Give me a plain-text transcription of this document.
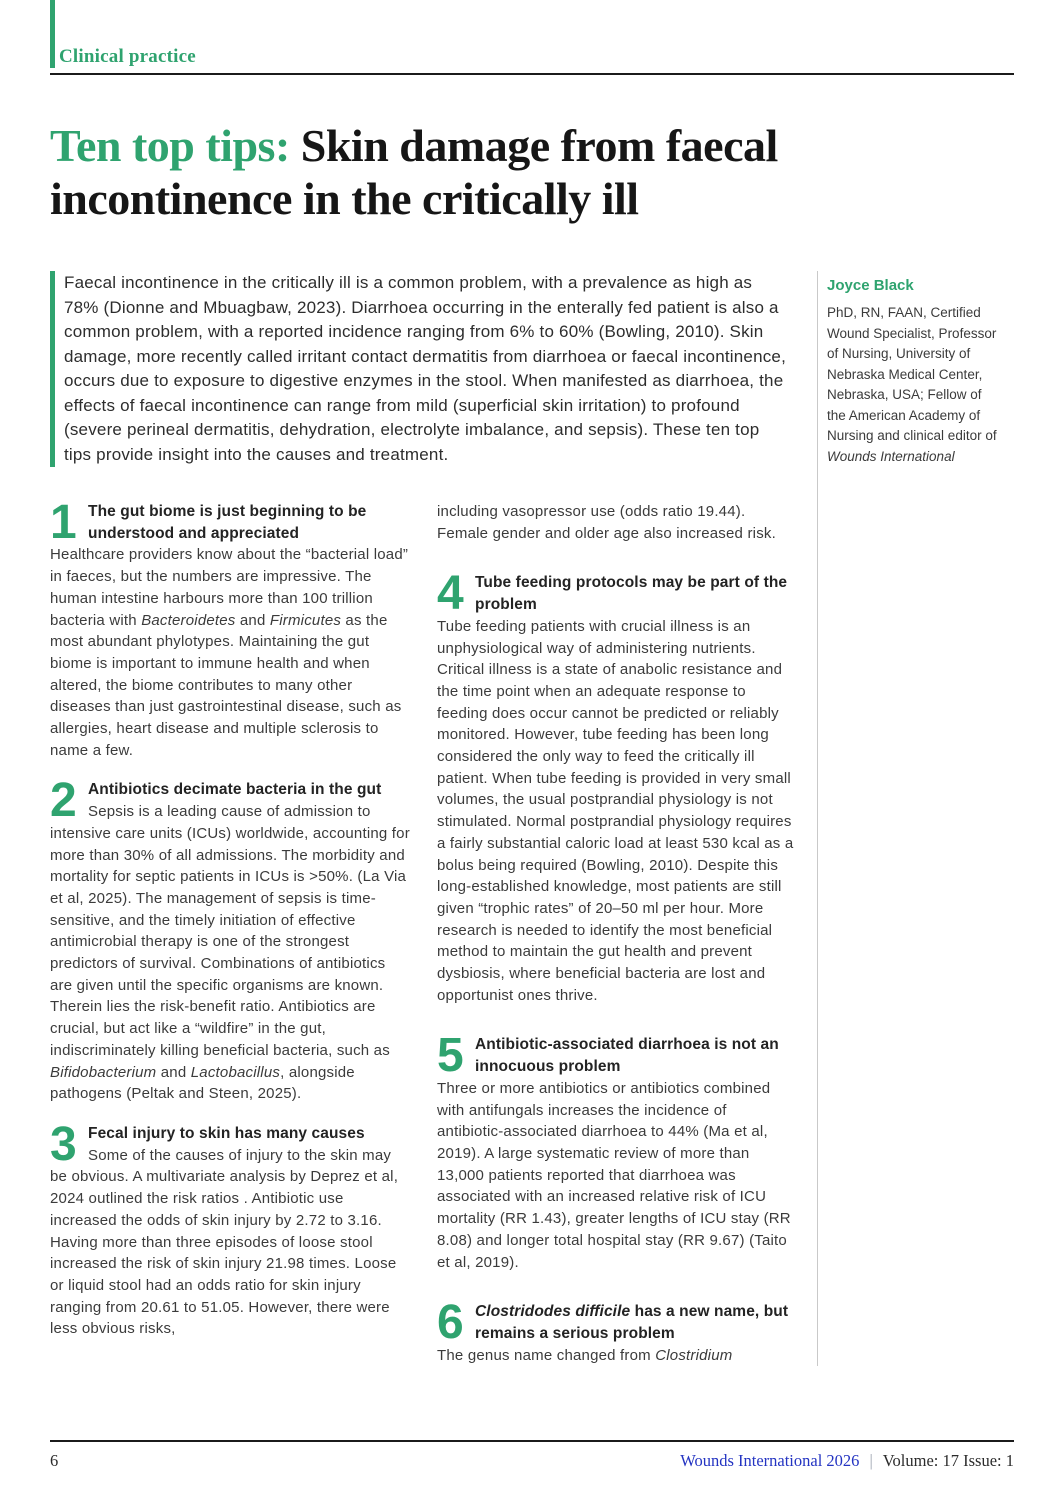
Clinical practice
Ten top tips: Skin damage from faecal incontinence in the critically ill

Faecal incontinence in the critically ill is a common problem, with a prevalence as high as 78% (Dionne and Mbuagbaw, 2023). Diarrhoea occurring in the enterally fed patient is also a common problem, with a reported incidence ranging from 6% to 60% (Bowling, 2010). Skin damage, more recently called irritant contact dermatitis from diarrhoea or faecal incontinence, occurs due to exposure to digestive enzymes in the stool. When manifested as diarrhoea, the effects of faecal incontinence can range from mild (superficial skin irritation) to profound (severe perineal dermatitis, dehydration, electrolyte imbalance, and sepsis). These ten top tips provide insight into the causes and treatment.

1 The gut biome is just beginning to be understood and appreciated

Healthcare providers know about the “bacterial load” in faeces, but the numbers are impressive. The human intestine harbours more than 100 trillion bacteria with Bacteroidetes and Firmicutes as the most abundant phylotypes. Maintaining the gut biome is important to immune health and when altered, the biome contributes to many other diseases than just gastrointestinal disease, such as allergies, heart disease and multiple sclerosis to name a few.

2 Antibiotics decimate bacteria in the gut

Sepsis is a leading cause of admission to intensive care units (ICUs) worldwide, accounting for more than 30% of all admissions. The morbidity and mortality for septic patients in ICUs is >50%. (La Via et al, 2025). The management of sepsis is time-sensitive, and the timely initiation of effective antimicrobial therapy is one of the strongest predictors of survival. Combinations of antibiotics are given until the specific organisms are known. Therein lies the risk-benefit ratio. Antibiotics are crucial, but act like a “wildfire” in the gut, indiscriminately killing beneficial bacteria, such as Bifidobacterium and Lactobacillus, alongside pathogens (Peltak and Steen, 2025).

3 Fecal injury to skin has many causes

Some of the causes of injury to the skin may be obvious. A multivariate analysis by Deprez et al, 2024 outlined the risk ratios . Antibiotic use increased the odds of skin injury by 2.72 to 3.16. Having more than three episodes of loose stool increased the risk of skin injury 21.98 times. Loose or liquid stool had an odds ratio for skin injury ranging from 20.61 to 51.05. However, there were less obvious risks,

including vasopressor use (odds ratio 19.44). Female gender and older age also increased risk.

4 Tube feeding protocols may be part of the problem

Tube feeding patients with crucial illness is an unphysiological way of administering nutrients. Critical illness is a state of anabolic resistance and the time point when an adequate response to feeding does occur cannot be predicted or reliably monitored. However, tube feeding has been long considered the only way to feed the critically ill patient. When tube feeding is provided in very small volumes, the usual postprandial physiology is not stimulated. Normal postprandial physiology requires a fairly substantial caloric load at least 530 kcal as a bolus being required (Bowling, 2010). Despite this long-established knowledge, most patients are still given “trophic rates” of 20–50 ml per hour. More research is needed to identify the most beneficial method to maintain the gut health and prevent dysbiosis, where beneficial bacteria are lost and opportunist ones thrive.

5 Antibiotic-associated diarrhoea is not an innocuous problem

Three or more antibiotics or antibiotics combined with antifungals increases the incidence of antibiotic-associated diarrhoea to 44% (Ma et al, 2019). A large systematic review of more than 13,000 patients reported that diarrhoea was associated with an increased relative risk of ICU mortality (RR 1.43), greater lengths of ICU stay (RR 8.08) and longer total hospital stay (RR 9.67) (Taito et al, 2019).

6 Clostridodes difficile has a new name, but remains a serious problem

The genus name changed from Clostridium

Joyce Black
PhD, RN, FAAN, Certified Wound Specialist, Professor of Nursing, University of Nebraska Medical Center, Nebraska, USA; Fellow of the American Academy of Nursing and clinical editor of Wounds International
6	Wounds International 2026 | Volume: 17 Issue: 1
